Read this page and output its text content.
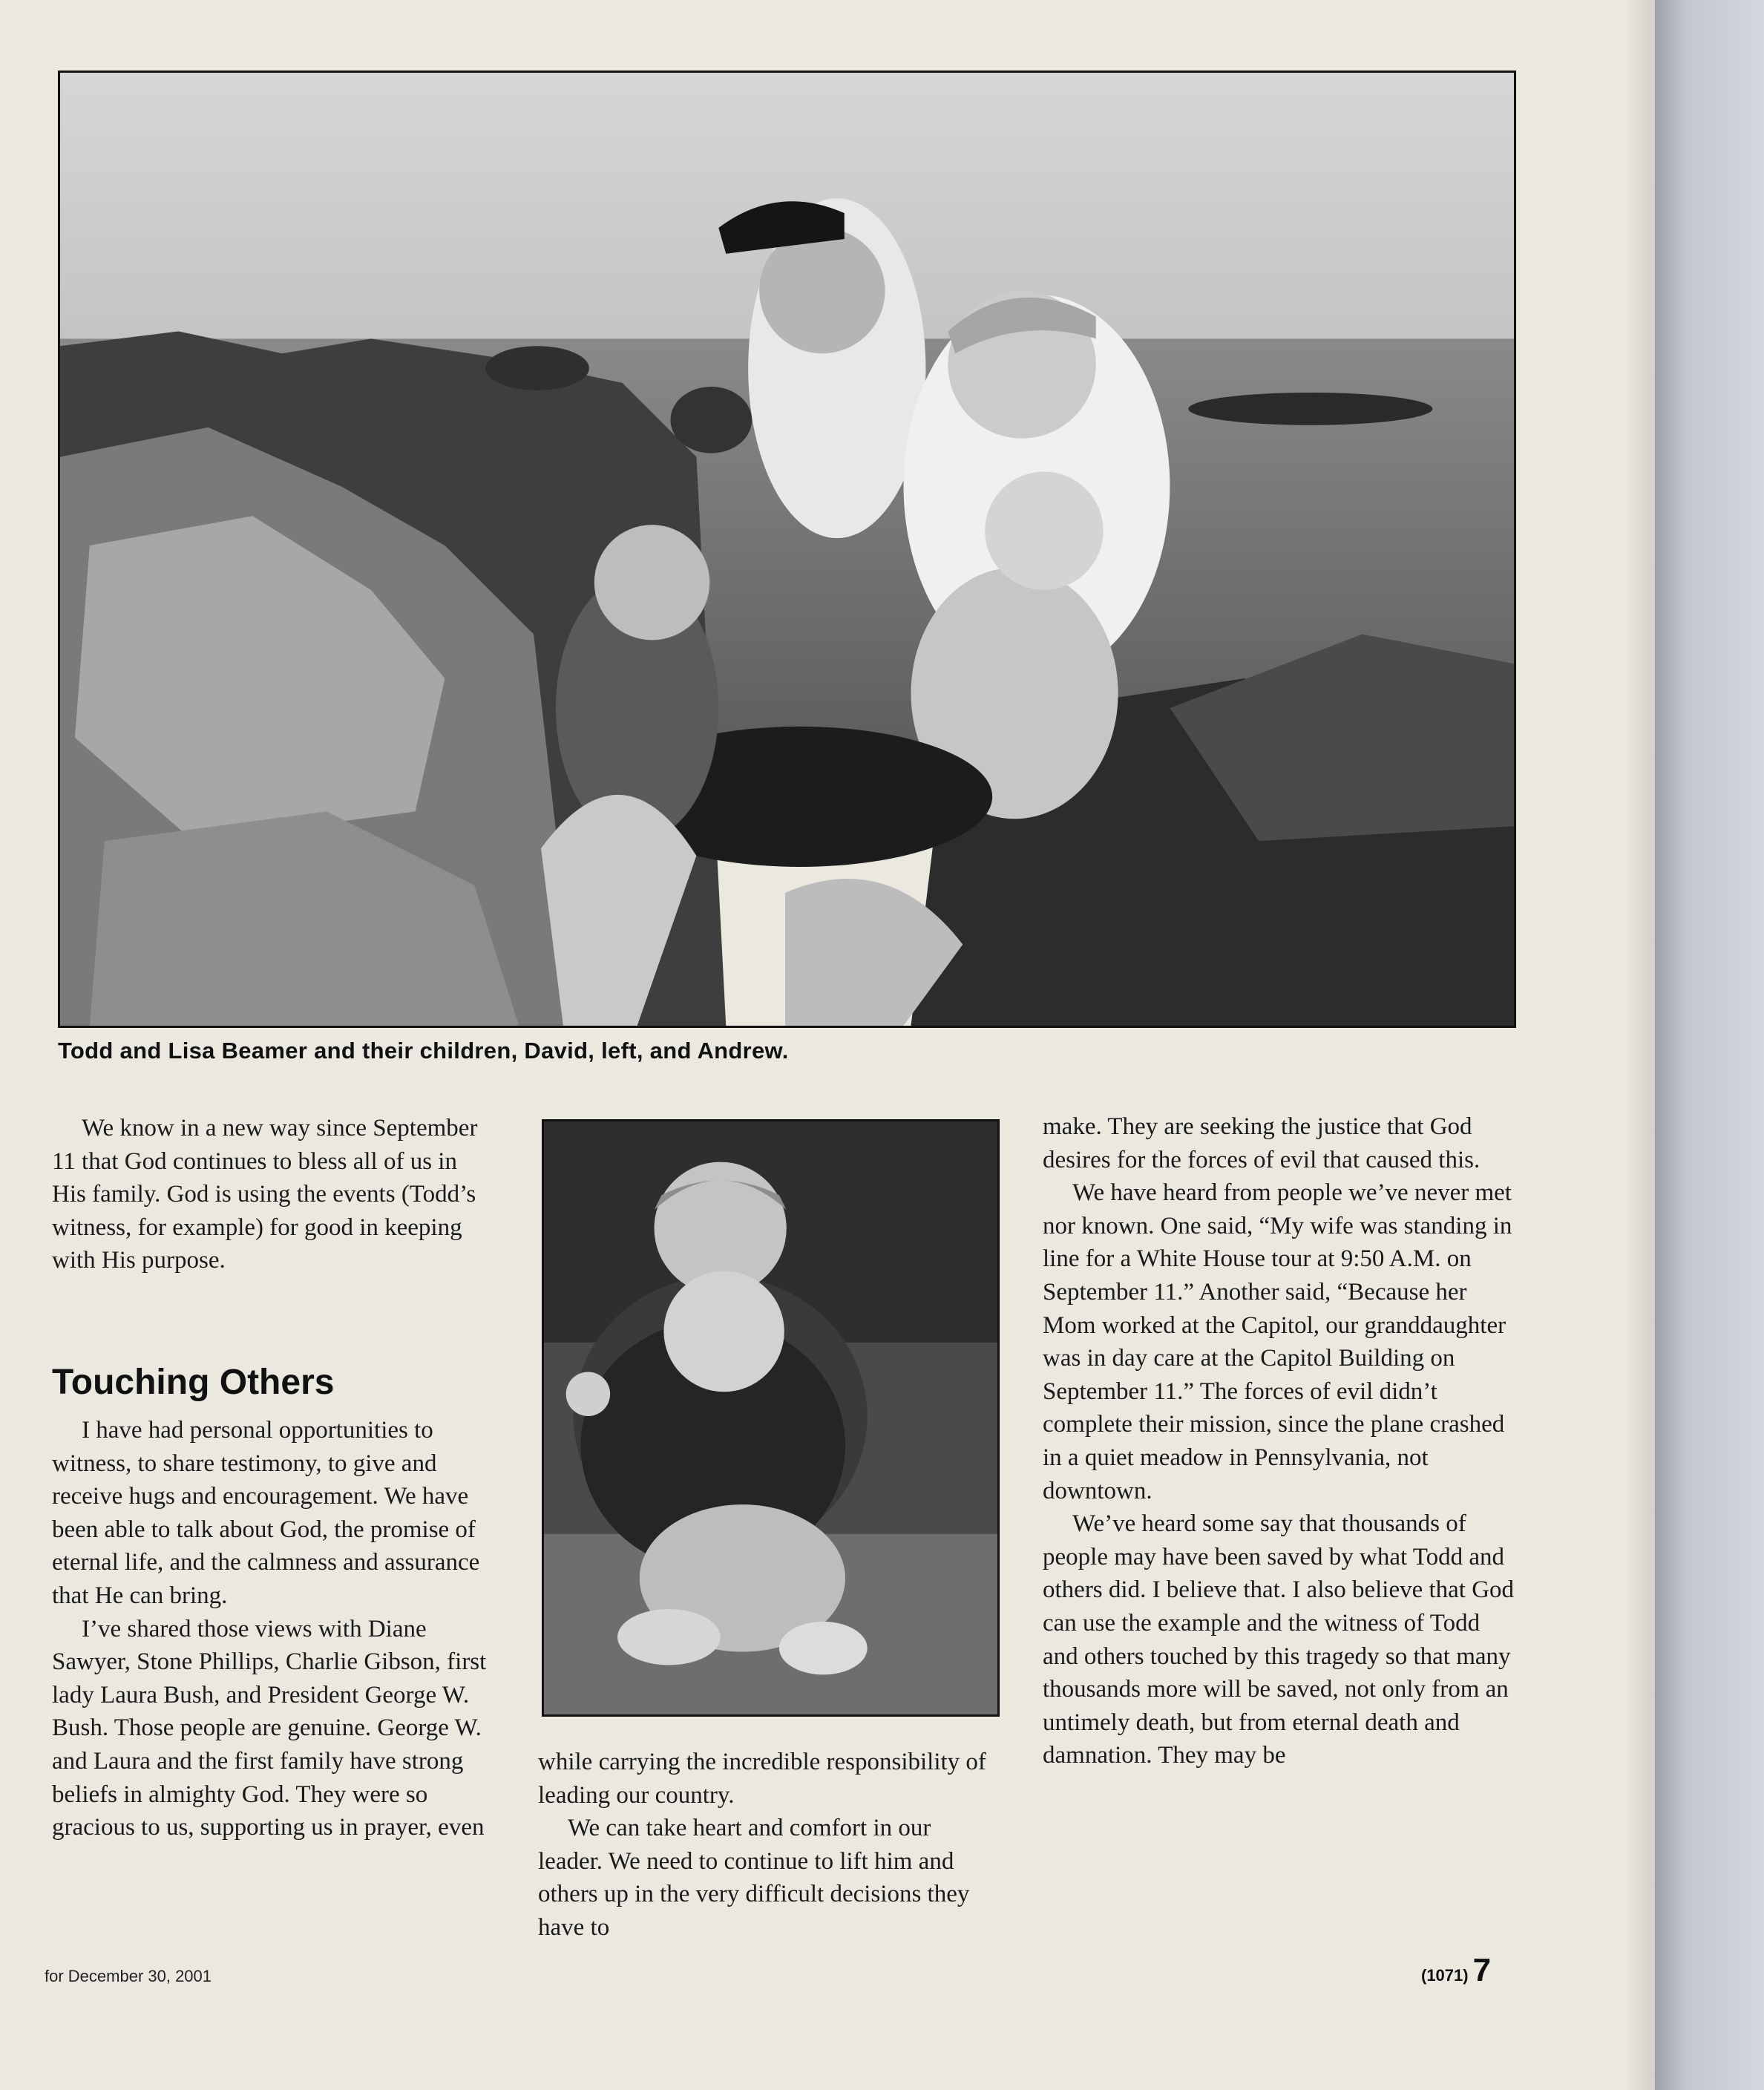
Todd and Lisa Beamer and their children, David, left, and Andrew.

We know in a new way since September 11 that God continues to bless all of us in His family. God is using the events (Todd’s witness, for example) for good in keeping with His purpose.

Touching Others

I have had personal opportunities to witness, to share testimony, to give and receive hugs and encouragement. We have been able to talk about God, the promise of eternal life, and the calmness and assurance that He can bring.

I’ve shared those views with Diane Sawyer, Stone Phillips, Charlie Gibson, first lady Laura Bush, and President George W. Bush. Those people are genuine. George W. and Laura and the first family have strong beliefs in almighty God. They were so gracious to us, supporting us in prayer, even

while carrying the incredible responsibility of leading our country.

We can take heart and comfort in our leader. We need to continue to lift him and others up in the very difficult decisions they have to

make. They are seeking the justice that God desires for the forces of evil that caused this.

We have heard from people we’ve never met nor known. One said, “My wife was standing in line for a White House tour at 9:50 A.M. on September 11.” Another said, “Because her Mom worked at the Capitol, our granddaughter was in day care at the Capitol Building on September 11.” The forces of evil didn’t complete their mission, since the plane crashed in a quiet meadow in Pennsylvania, not downtown.

We’ve heard some say that thousands of people may have been saved by what Todd and others did. I believe that. I also believe that God can use the example and the witness of Todd and others touched by this tragedy so that many thousands more will be saved, not only from an untimely death, but from eternal death and damnation. They may be

for December 30, 2001	(1071) 7
